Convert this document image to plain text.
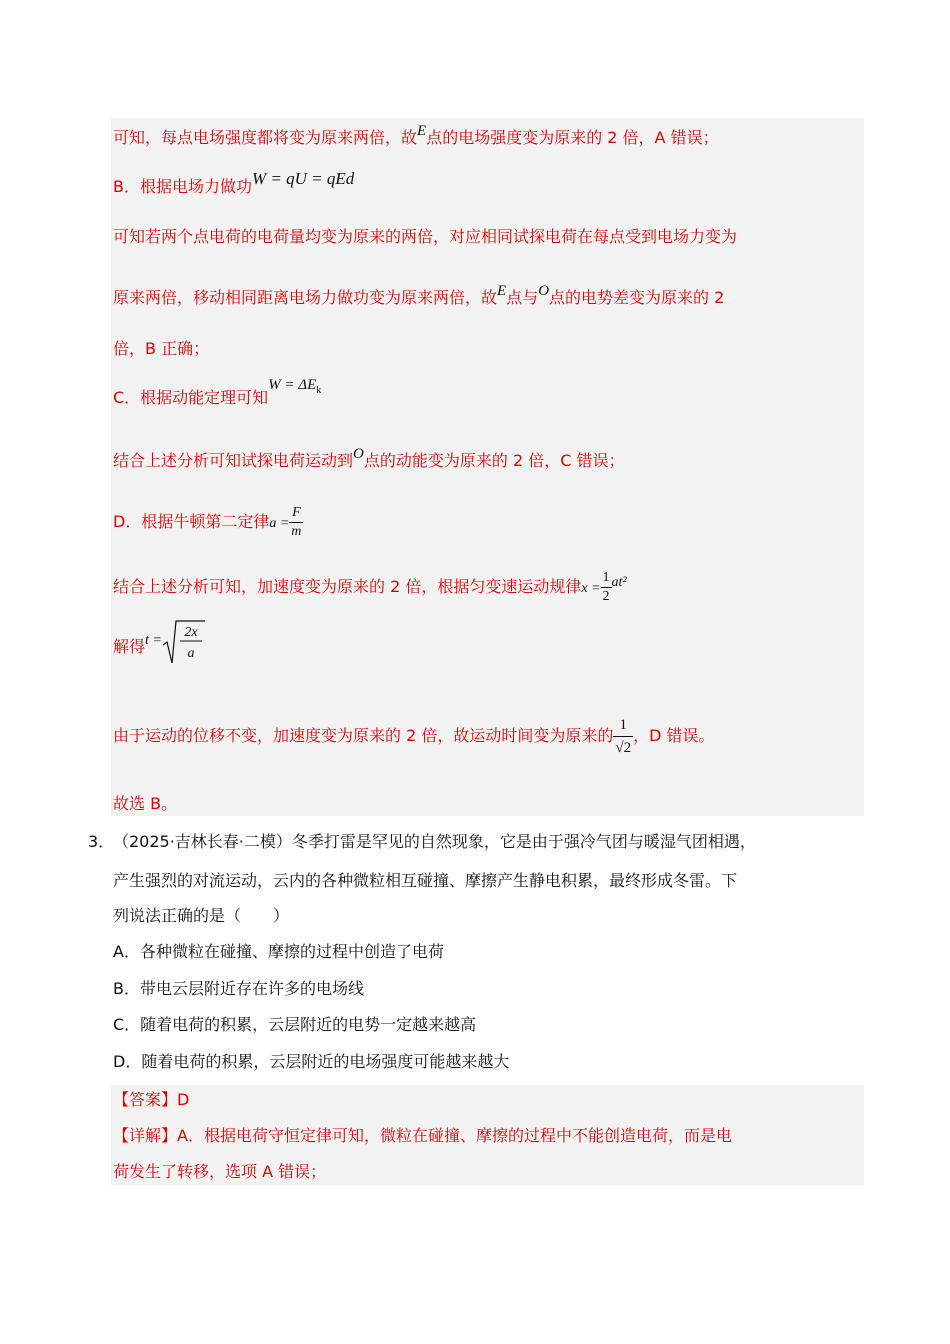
可知，每点电场强度都将变为原来两倍，故E点的电场强度变为原来的 2 倍，A 错误；
B．根据电场力做功W = qU = qEd
可知若两个点电荷的电荷量均变为原来的两倍，对应相同试探电荷在每点受到电场力变为
原来两倍，移动相同距离电场力做功变为原来两倍，故E点与O点的电势差变为原来的 2
倍，B 正确；
C．根据动能定理可知$W = \Delta E_k$
结合上述分析可知试探电荷运动到O点的动能变为原来的 2 倍，C 错误；
D．根据牛顿第二定律$a = \frac{F}{m}$
结合上述分析可知，加速度变为原来的 2 倍，根据匀变速运动规律$x = \frac{1}{2} at^2$
解得t =
2x
a
由于运动的位移不变，加速度变为原来的 2 倍，故运动时间变为原来的 $\frac{1}{√2}$ ，D 错误。
故选 B。
3．
（2025·吉林长春·二模）冬季打雷是罕见的自然现象，它是由于强冷气团与暖湿气团相遇，
产生强烈的对流运动，云内的各种微粒相互碰撞、摩擦产生静电积累，最终形成冬雷。下
列说法正确的是（　　）
A．各种微粒在碰撞、摩擦的过程中创造了电荷
B．带电云层附近存在许多的电场线
C．随着电荷的积累，云层附近的电势一定越来越高
D．随着电荷的积累，云层附近的电场强度可能越来越大
【答案】D
【详解】A．根据电荷守恒定律可知，微粒在碰撞、摩擦的过程中不能创造电荷，而是电
荷发生了转移，选项 A 错误；
